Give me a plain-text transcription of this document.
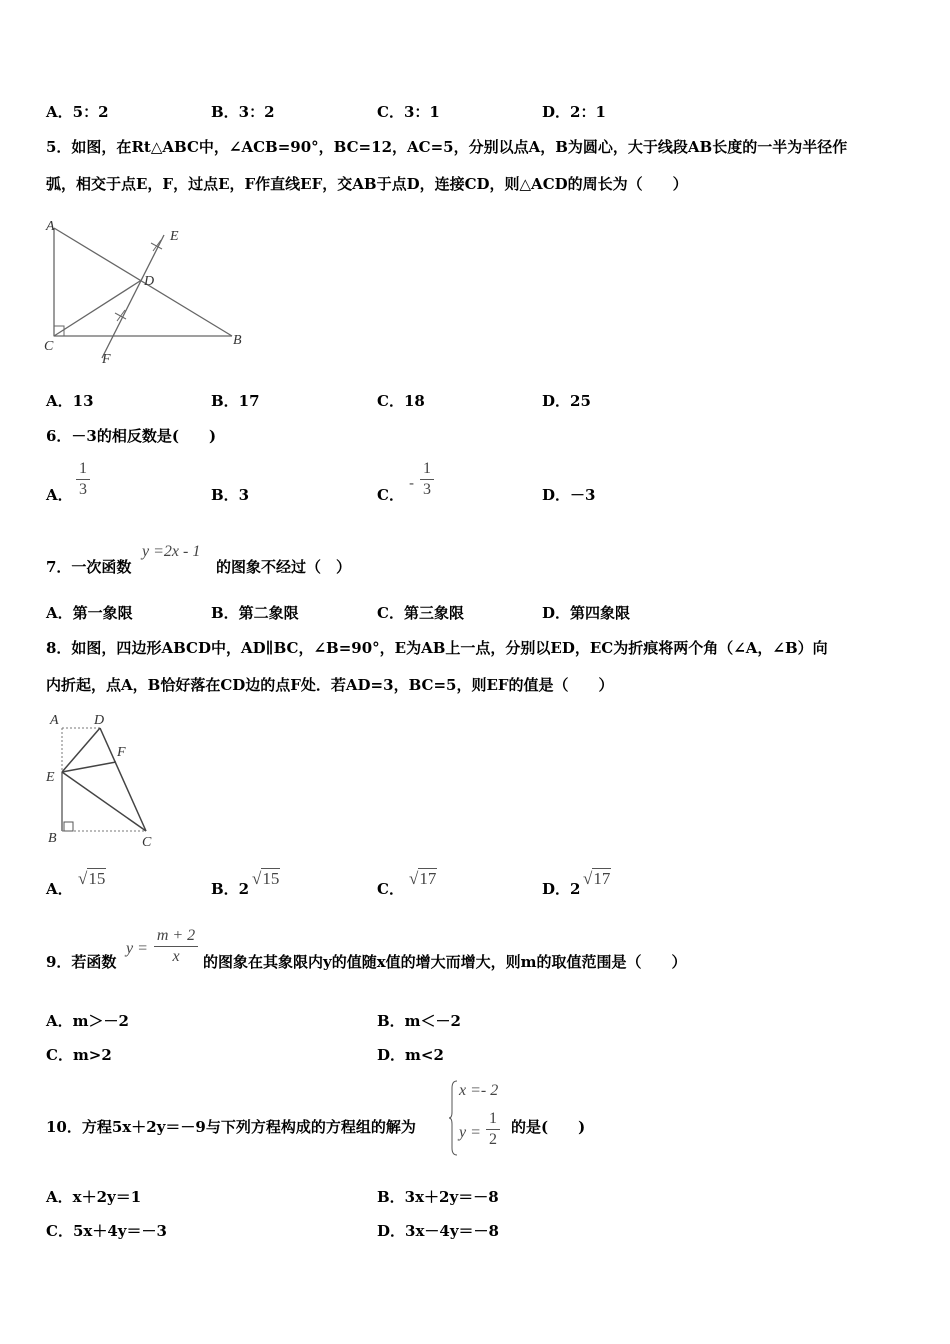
A．5：2	B．3：2	C．3：1	D．2：1
5．如图，在Rt△ABC中，∠ACB=90°，BC=12，AC=5，分别以点A，B为圆心，大于线段AB长度的一半为半径作
弧，相交于点E，F，过点E，F作直线EF，交AB于点D，连接CD，则△ACD的周长为（　　）
A
C	B
D
E
F
A．13	B．17	C．18	D．25
6．－3的相反数是(　　)
A．
1
3	B．3	C．
-
1
3	D．－3
7．一次函数
y =2x - 1
的图象不经过（　）
A．第一象限	B．第二象限	C．第三象限	D．第四象限
8．如图，四边形ABCD中，AD∥BC，∠B=90°，E为AB上一点，分别以ED，EC为折痕将两个角（∠A，∠B）向
内折起，点A，B恰好落在CD边的点F处．若AD=3，BC=5，则EF的值是（　　）
A	D
F
E
B	C
A．
√15
B．2
√15
C．
√17
D．2
√17
9．若函数
y =
m + 2
x	的图象在其象限内y的值随x值的增大而增大，则m的取值范围是（　　）
A．m＞－2	B．m＜－2
C．m>2	D．m<2
10．方程5x＋2y＝－9与下列方程构成的方程组的解为
x =- 2
y =
1
2
的是(　　)
A．x＋2y＝1	B．3x＋2y＝－8
C．5x＋4y＝－3	D．3x－4y＝－8
